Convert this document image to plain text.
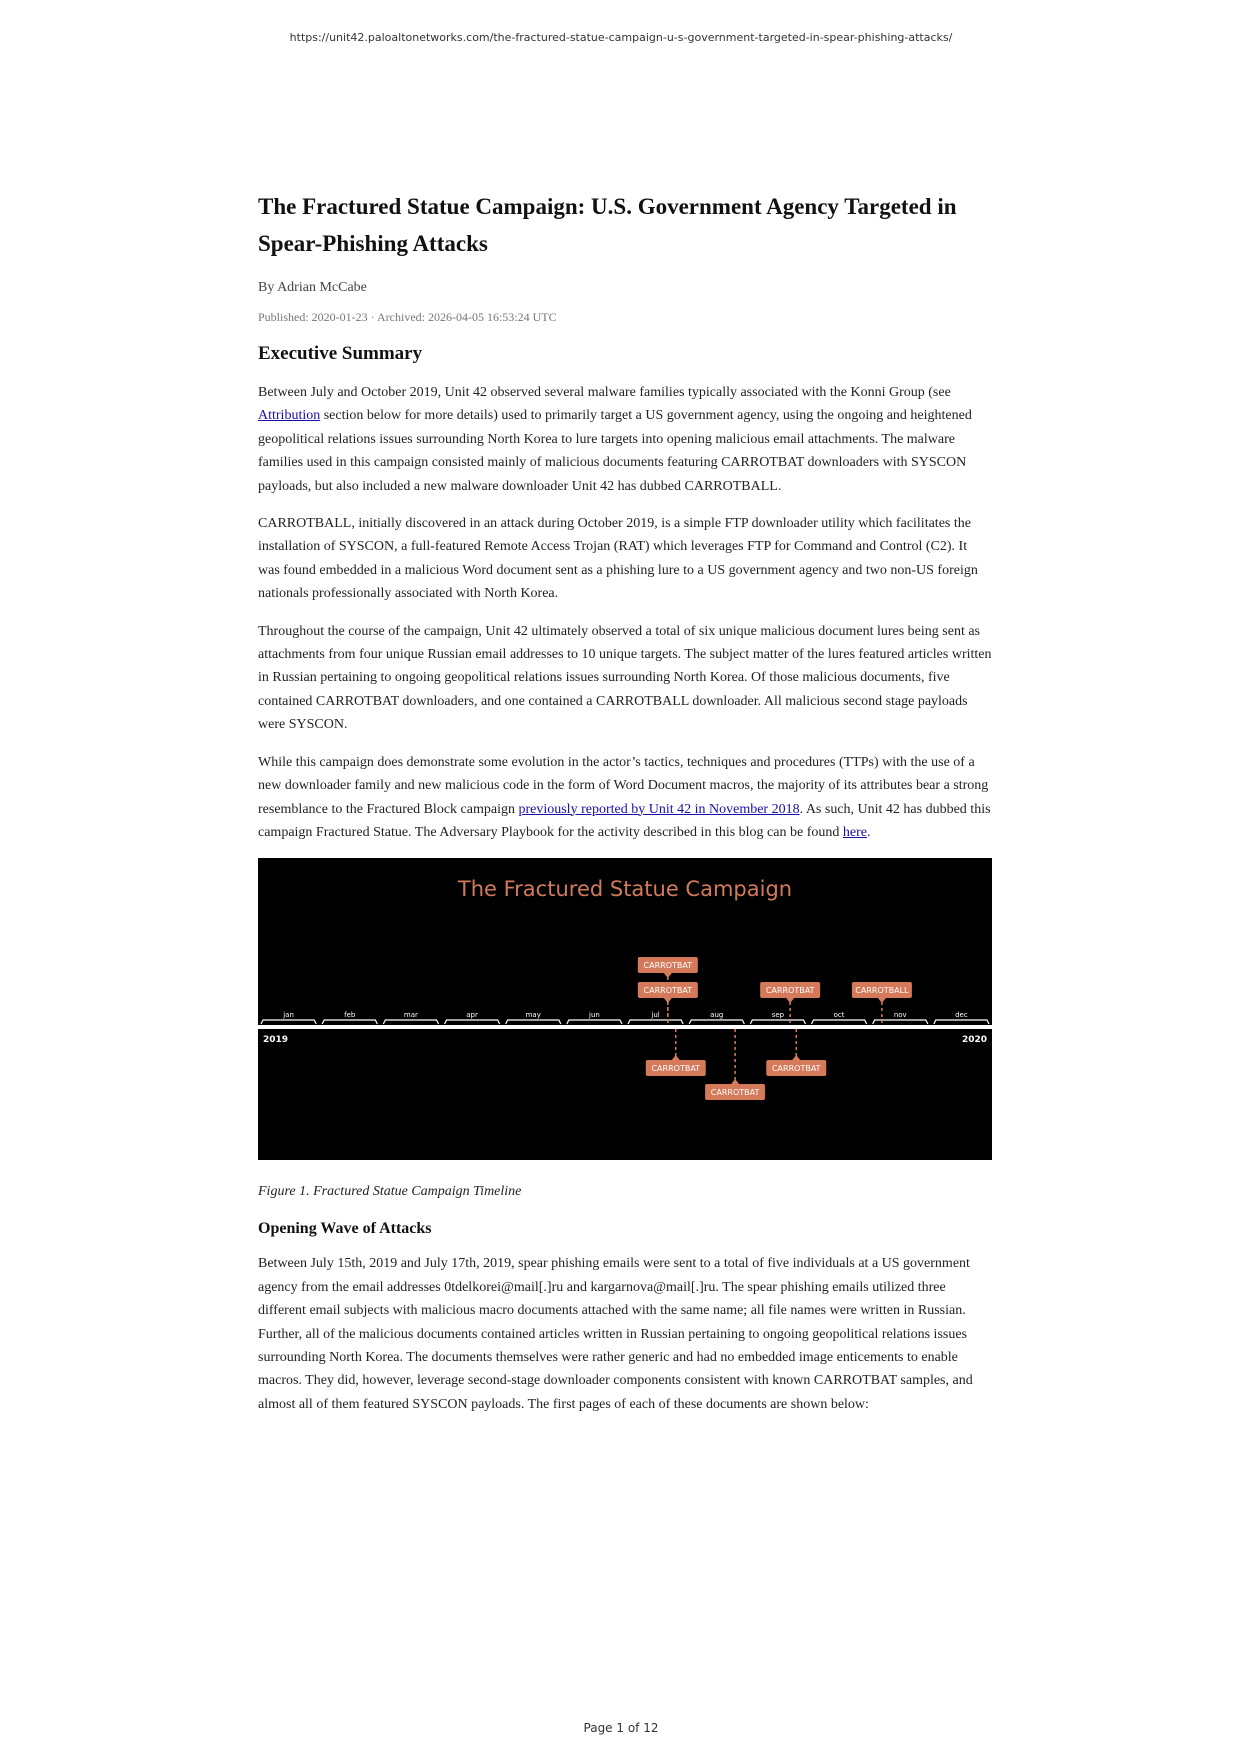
https://unit42.paloaltonetworks.com/the-fractured-statue-campaign-u-s-government-targeted-in-spear-phishing-attacks/
The Fractured Statue Campaign: U.S. Government Agency Targeted in Spear-Phishing Attacks
By Adrian McCabe
Published: 2020-01-23 · Archived: 2026-04-05 16:53:24 UTC
Executive Summary

Between July and October 2019, Unit 42 observed several malware families typically associated with the Konni Group (see Attribution section below for more details) used to primarily target a US government agency, using the ongoing and heightened geopolitical relations issues surrounding North Korea to lure targets into opening malicious email attachments. The malware families used in this campaign consisted mainly of malicious documents featuring CARROTBAT downloaders with SYSCON payloads, but also included a new malware downloader Unit 42 has dubbed CARROTBALL.

CARROTBALL, initially discovered in an attack during October 2019, is a simple FTP downloader utility which facilitates the installation of SYSCON, a full-featured Remote Access Trojan (RAT) which leverages FTP for Command and Control (C2). It was found embedded in a malicious Word document sent as a phishing lure to a US government agency and two non-US foreign nationals professionally associated with North Korea.

Throughout the course of the campaign, Unit 42 ultimately observed a total of six unique malicious document lures being sent as attachments from four unique Russian email addresses to 10 unique targets. The subject matter of the lures featured articles written in Russian pertaining to ongoing geopolitical relations issues surrounding North Korea. Of those malicious documents, five contained CARROTBAT downloaders, and one contained a CARROTBALL downloader. All malicious second stage payloads were SYSCON.

While this campaign does demonstrate some evolution in the actor’s tactics, techniques and procedures (TTPs) with the use of a new downloader family and new malicious code in the form of Word Document macros, the majority of its attributes bear a strong resemblance to the Fractured Block campaign previously reported by Unit 42 in November 2018. As such, Unit 42 has dubbed this campaign Fractured Statue. The Adversary Playbook for the activity described in this blog can be found here.

The Fractured Statue Campaign
jan	feb	mar	apr	may	jun	jul	aug	sep	oct	nov	dec
2019	2020
CARROTBAT
CARROTBAT	CARROTBAT	CARROTBALL
CARROTBAT
CARROTBAT
CARROTBAT
Figure 1. Fractured Statue Campaign Timeline
Opening Wave of Attacks

Between July 15th, 2019 and July 17th, 2019, spear phishing emails were sent to a total of five individuals at a US government agency from the email addresses 0tdelkorei@mail[.]ru and kargarnova@mail[.]ru. The spear phishing emails utilized three different email subjects with malicious macro documents attached with the same name; all file names were written in Russian. Further, all of the malicious documents contained articles written in Russian pertaining to ongoing geopolitical relations issues surrounding North Korea. The documents themselves were rather generic and had no embedded image enticements to enable macros. They did, however, leverage second-stage downloader components consistent with known CARROTBAT samples, and almost all of them featured SYSCON payloads. The first pages of each of these documents are shown below:

Page 1 of 12
